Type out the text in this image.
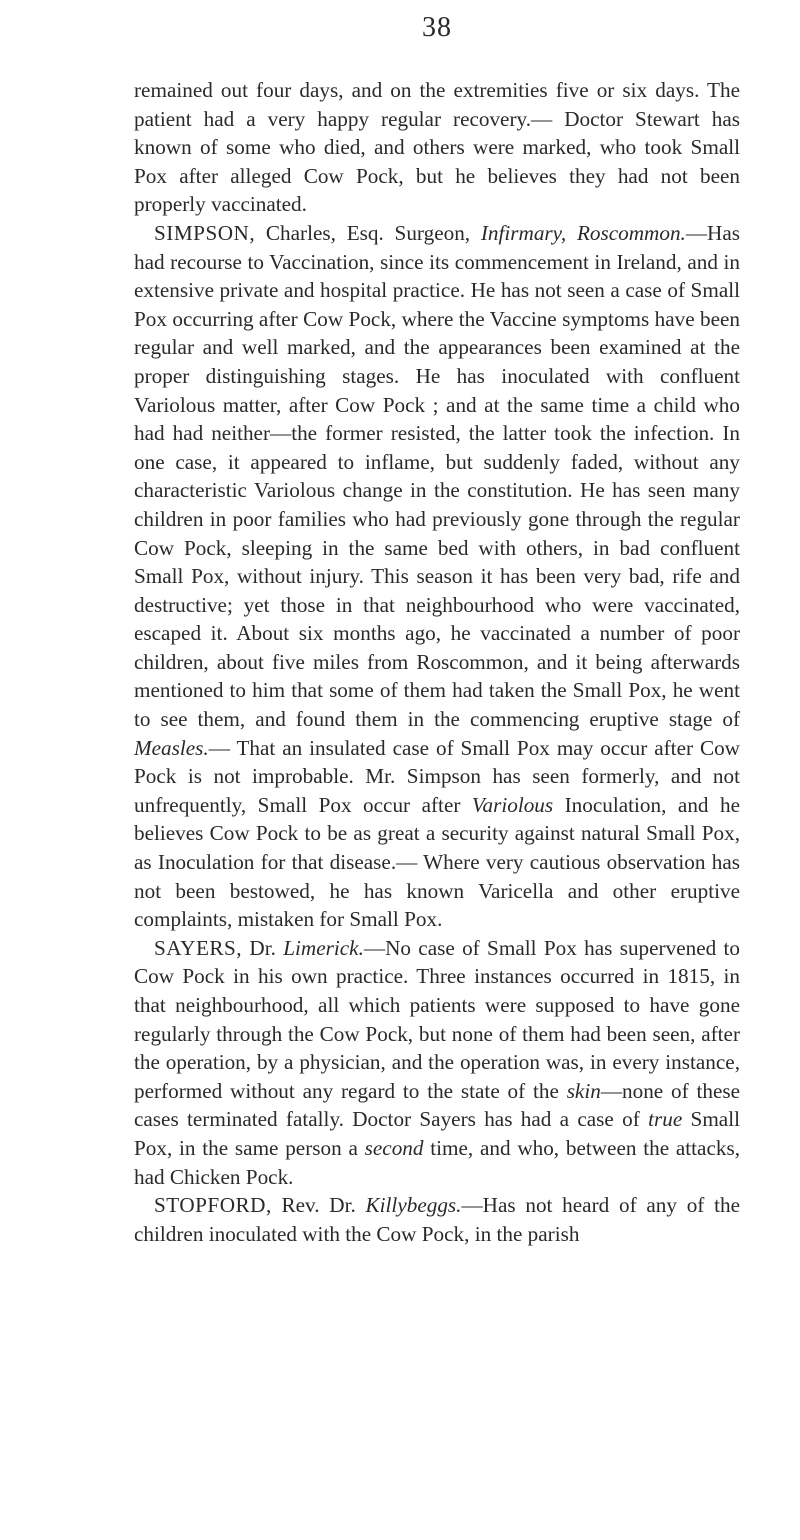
38

remained out four days, and on the extremities five or six days. The patient had a very happy regular recovery.— Doctor Stewart has known of some who died, and others were marked, who took Small Pox after alleged Cow Pock, but he believes they had not been properly vaccinated.

SIMPSON, Charles, Esq. Surgeon, Infirmary, Roscommon.—Has had recourse to Vaccination, since its commencement in Ireland, and in extensive private and hospital practice. He has not seen a case of Small Pox occurring after Cow Pock, where the Vaccine symptoms have been regular and well marked, and the appearances been examined at the proper distinguishing stages. He has inoculated with confluent Variolous matter, after Cow Pock ; and at the same time a child who had had neither—the former resisted, the latter took the infection. In one case, it appeared to inflame, but suddenly faded, without any characteristic Variolous change in the constitution. He has seen many children in poor families who had previously gone through the regular Cow Pock, sleeping in the same bed with others, in bad confluent Small Pox, without injury. This season it has been very bad, rife and destructive; yet those in that neighbourhood who were vaccinated, escaped it. About six months ago, he vaccinated a number of poor children, about five miles from Roscommon, and it being afterwards mentioned to him that some of them had taken the Small Pox, he went to see them, and found them in the commencing eruptive stage of Measles.— That an insulated case of Small Pox may occur after Cow Pock is not improbable. Mr. Simpson has seen formerly, and not unfrequently, Small Pox occur after Variolous Inoculation, and he believes Cow Pock to be as great a security against natural Small Pox, as Inoculation for that disease.— Where very cautious observation has not been bestowed, he has known Varicella and other eruptive complaints, mistaken for Small Pox.

SAYERS, Dr. Limerick.—No case of Small Pox has supervened to Cow Pock in his own practice. Three instances occurred in 1815, in that neighbourhood, all which patients were supposed to have gone regularly through the Cow Pock, but none of them had been seen, after the operation, by a physician, and the operation was, in every instance, performed without any regard to the state of the skin—none of these cases terminated fatally. Doctor Sayers has had a case of true Small Pox, in the same person a second time, and who, between the attacks, had Chicken Pock.

STOPFORD, Rev. Dr. Killybeggs.—Has not heard of any of the children inoculated with the Cow Pock, in the parish
